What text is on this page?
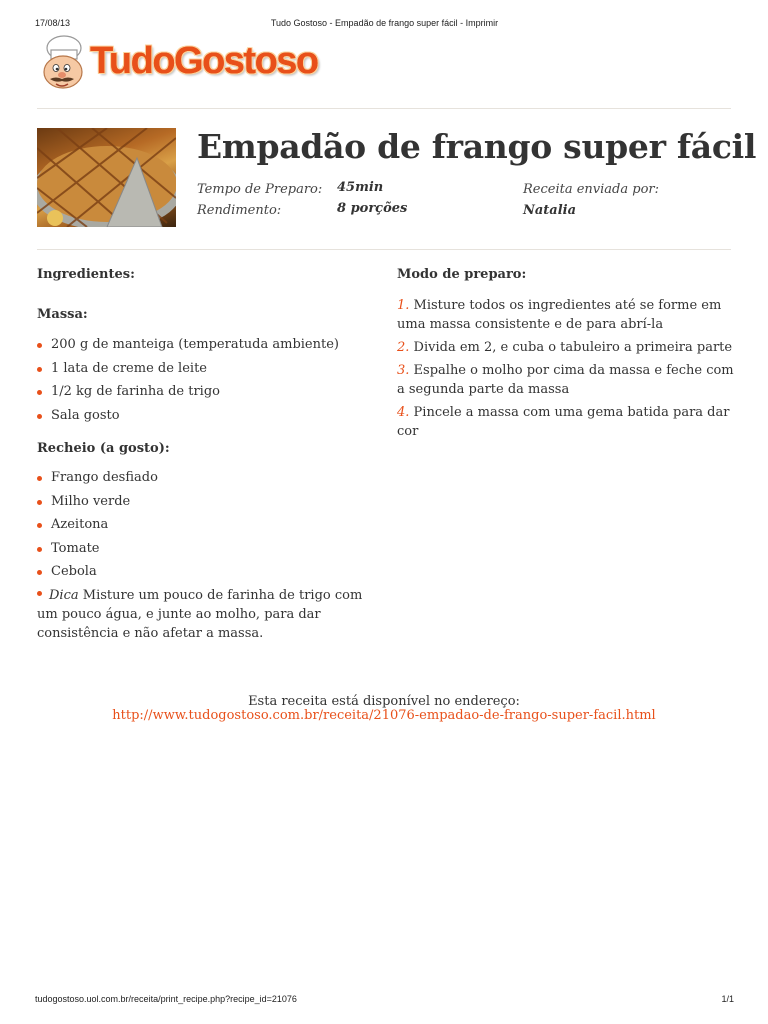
17/08/13	Tudo Gostoso - Empadão de frango super fácil - Imprimir
TudoGostoso
Empadão de frango super fácil
Tempo de Preparo: 45min
Rendimento:	8 porções
Receita enviada por:
Natalia
Ingredientes:
Massa:
200 g de manteiga (temperatuda ambiente)
1 lata de creme de leite
1/2 kg de farinha de trigo
Sala gosto
Recheio (a gosto):
Frango desfiado
Milho verde
Azeitona
Tomate
Cebola

Dica Misture um pouco de farinha de trigo com um pouco água, e junte ao molho, para dar consistência e não afetar a massa.

Modo de preparo:
1. Misture todos os ingredientes até se forme em uma massa consistente e de para abrí-la
2. Divida em 2, e cuba o tabuleiro a primeira parte
3. Espalhe o molho por cima da massa e feche com a segunda parte da massa
4. Pincele a massa com uma gema batida para dar cor

Esta receita está disponível no endereço:

http://www.tudogostoso.com.br/receita/21076-empadao-de-frango-super-facil.html
tudogostoso.uol.com.br/receita/print_recipe.php?recipe_id=21076	1/1
